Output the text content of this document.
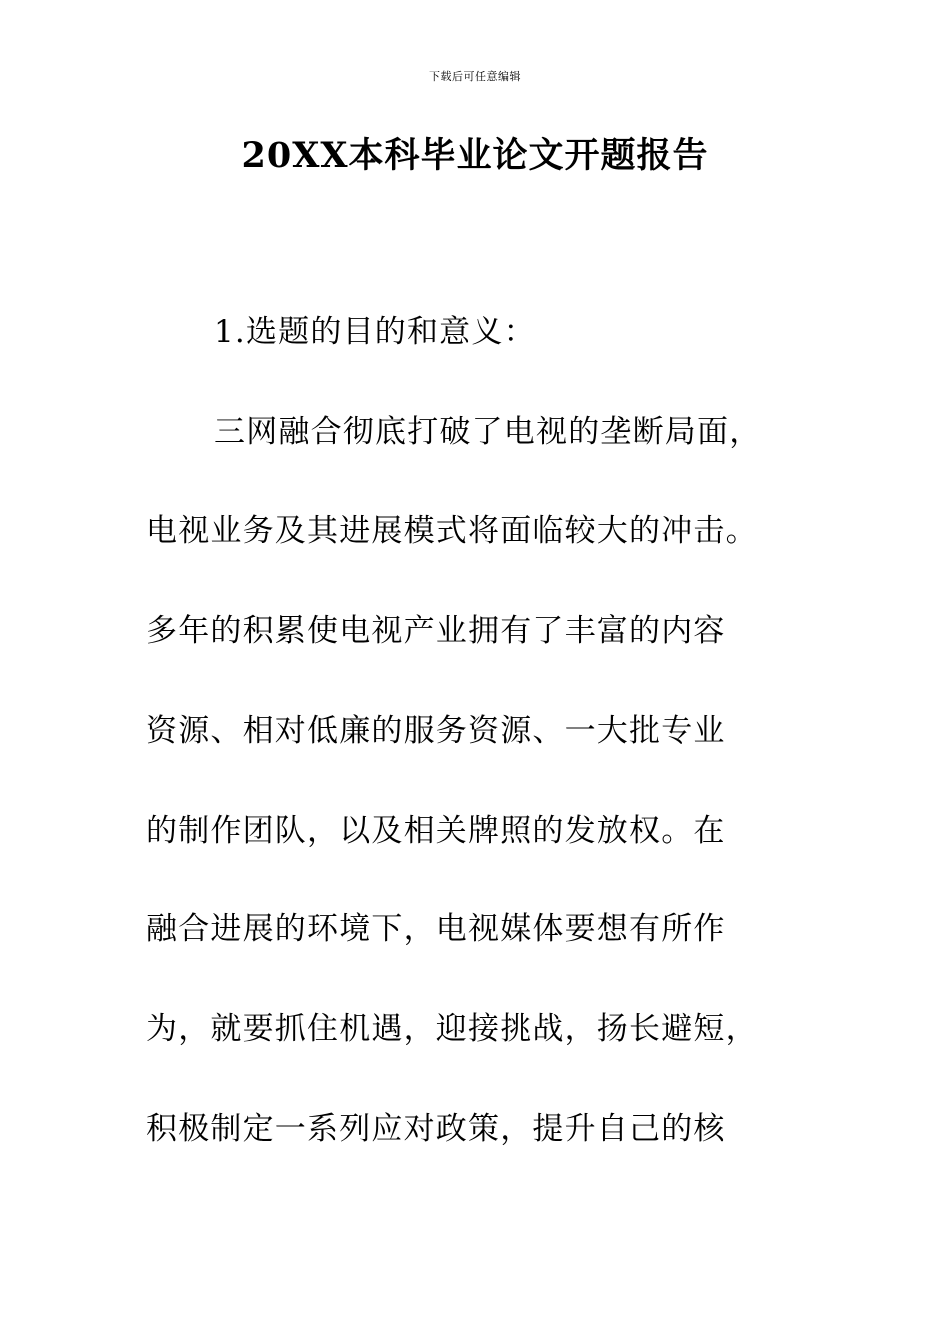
下载后可任意编辑
20XX本科毕业论文开题报告
1.选题的目的和意义：
三网融合彻底打破了电视的垄断局面，
电视业务及其进展模式将面临较大的冲击。
多年的积累使电视产业拥有了丰富的内容
资源、相对低廉的服务资源、一大批专业
的制作团队，以及相关牌照的发放权。在
融合进展的环境下，电视媒体要想有所作
为，就要抓住机遇，迎接挑战，扬长避短，
积极制定一系列应对政策，提升自己的核
